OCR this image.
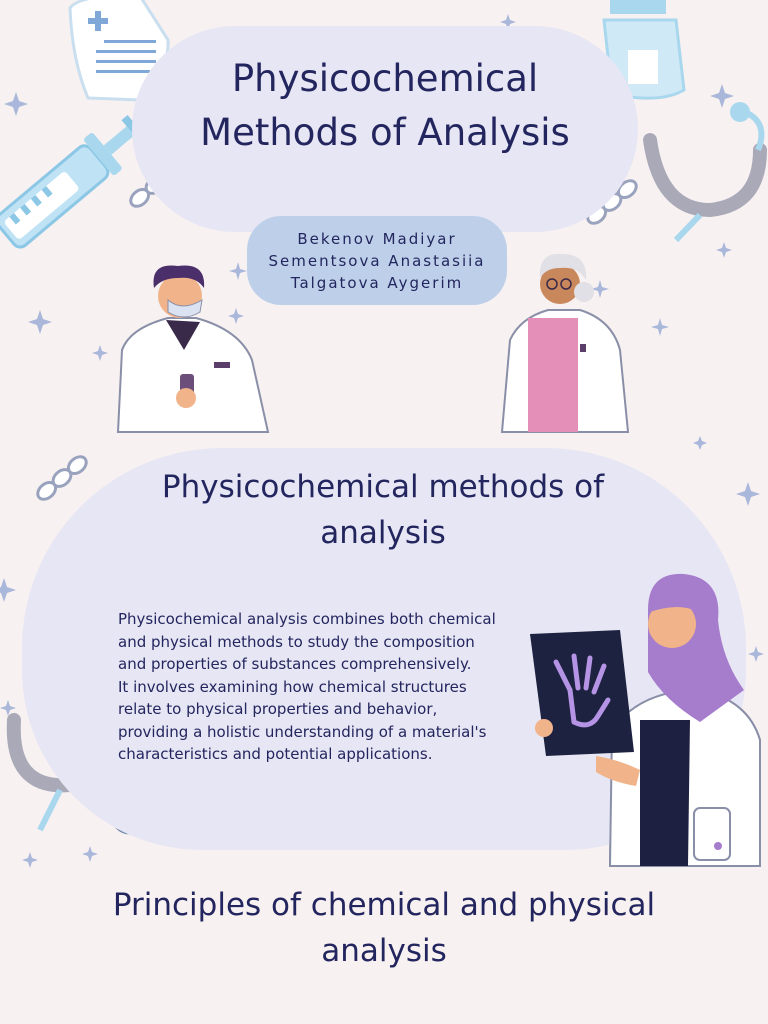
Physicochemical
Methods of Analysis
Bekenov Madiyar
Sementsova Anastasiia
Talgatova Aygerim
Physicochemical methods of
analysis

Physicochemical analysis combines both chemical
and physical methods to study the composition
and properties of substances comprehensively.
It involves examining how chemical structures
relate to physical properties and behavior,
providing a holistic understanding of a material's
characteristics and potential applications.

Principles of chemical and physical
analysis
